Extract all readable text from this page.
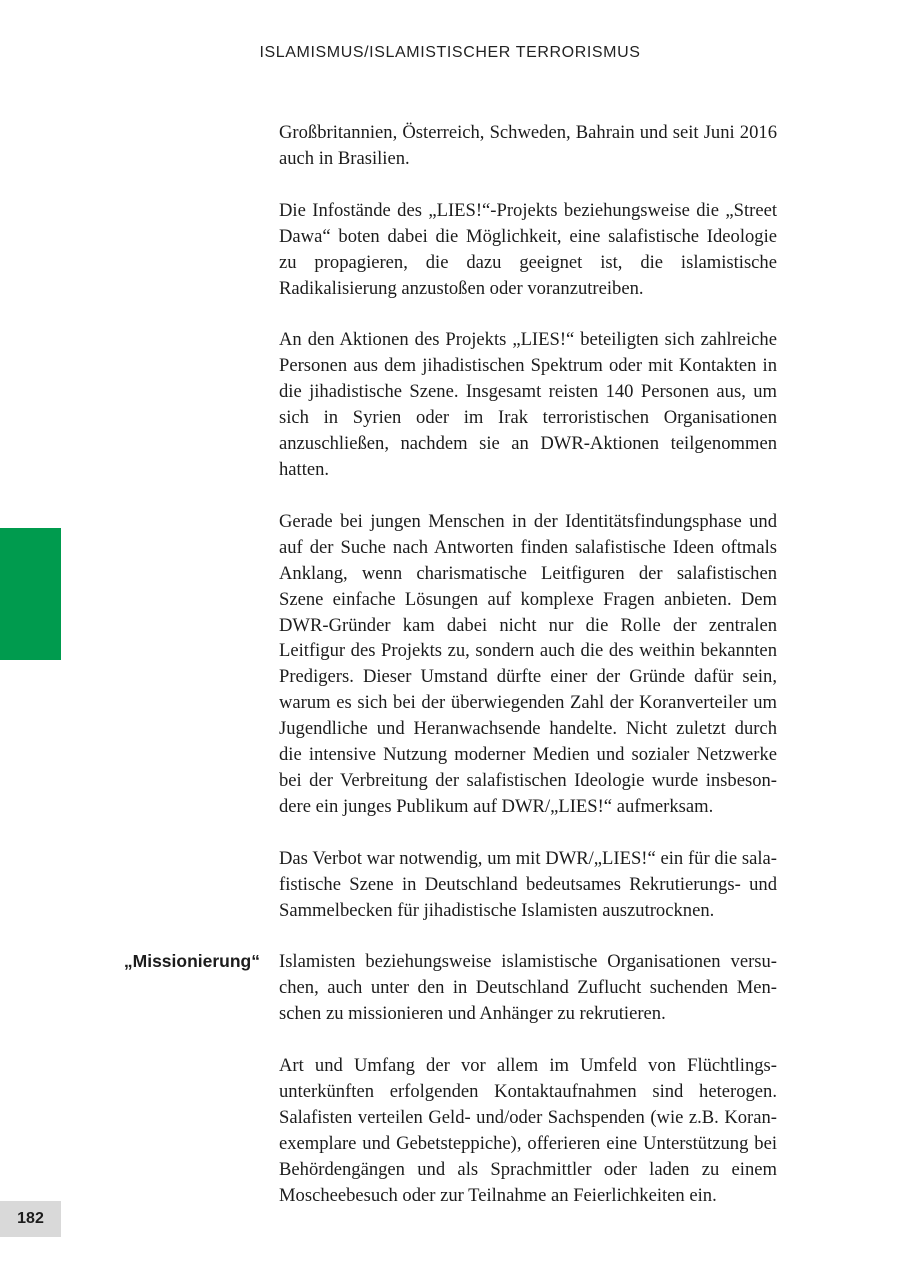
ISLAMISMUS/ISLAMISTISCHER TERRORISMUS
„Missionierung“

Großbritannien, Österreich, Schweden, Bahrain und seit Juni 2016 auch in Brasilien.

Die Infostände des „LIES!“-Projekts beziehungsweise die „Street Dawa“ boten dabei die Möglichkeit, eine salafistische Ideologie zu propagieren, die dazu geeignet ist, die islamistische Radikalisierung anzustoßen oder voranzutreiben.

An den Aktionen des Projekts „LIES!“ beteiligten sich zahlreiche Personen aus dem jihadistischen Spektrum oder mit Kontakten in die jihadistische Szene. Insgesamt reisten 140 Personen aus, um sich in Syrien oder im Irak terroristischen Organisationen anzuschließen, nachdem sie an DWR-Aktionen teilgenommen hatten.

Gerade bei jungen Menschen in der Identitätsfindungsphase und auf der Suche nach Antworten finden salafistische Ideen oftmals Anklang, wenn charismatische Leitfiguren der salafistischen Szene einfache Lösungen auf komplexe Fragen anbieten. Dem DWR-Gründer kam dabei nicht nur die Rolle der zentralen Leitfigur des Projekts zu, sondern auch die des weithin bekannten Predigers. Dieser Umstand dürfte einer der Gründe dafür sein, warum es sich bei der überwiegenden Zahl der Koranverteiler um Jugendliche und Heranwachsende handelte. Nicht zuletzt durch die intensive Nutzung moderner Medien und sozialer Netzwerke bei der Verbreitung der salafistischen Ideologie wurde insbesondere ein junges Publikum auf DWR/„LIES!“ aufmerksam.

Das Verbot war notwendig, um mit DWR/„LIES!“ ein für die salafistische Szene in Deutschland bedeutsames Rekrutierungs- und Sammelbecken für jihadistische Islamisten auszutrocknen.

Islamisten beziehungsweise islamistische Organisationen versuchen, auch unter den in Deutschland Zuflucht suchenden Menschen zu missionieren und Anhänger zu rekrutieren.

Art und Umfang der vor allem im Umfeld von Flüchtlingsunterkünften erfolgenden Kontaktaufnahmen sind heterogen. Salafisten verteilen Geld- und/oder Sachspenden (wie z.B. Koranexemplare und Gebetsteppiche), offerieren eine Unterstützung bei Behördengängen und als Sprachmittler oder laden zu einem Moscheebesuch oder zur Teilnahme an Feierlichkeiten ein.

182
